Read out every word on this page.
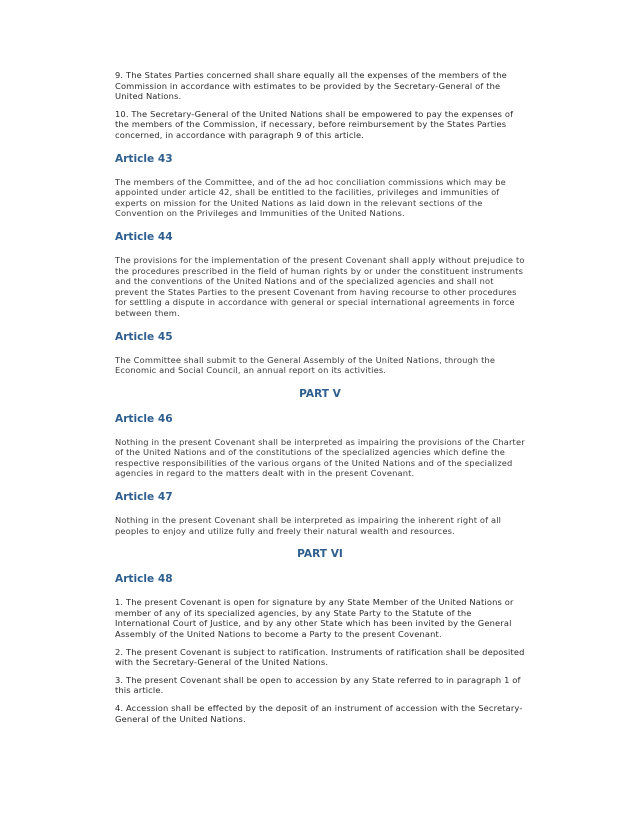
9. The States Parties concerned shall share equally all the expenses of the members of the Commission in accordance with estimates to be provided by the Secretary-General of the United Nations.

10. The Secretary-General of the United Nations shall be empowered to pay the expenses of the members of the Commission, if necessary, before reimbursement by the States Parties concerned, in accordance with paragraph 9 of this article.

Article 43

The members of the Committee, and of the ad hoc conciliation commissions which may be appointed under article 42, shall be entitled to the facilities, privileges and immunities of experts on mission for the United Nations as laid down in the relevant sections of the Convention on the Privileges and Immunities of the United Nations.

Article 44

The provisions for the implementation of the present Covenant shall apply without prejudice to the procedures prescribed in the field of human rights by or under the constituent instruments and the conventions of the United Nations and of the specialized agencies and shall not prevent the States Parties to the present Covenant from having recourse to other procedures for settling a dispute in accordance with general or special international agreements in force between them.

Article 45

The Committee shall submit to the General Assembly of the United Nations, through the Economic and Social Council, an annual report on its activities.

PART V
Article 46

Nothing in the present Covenant shall be interpreted as impairing the provisions of the Charter of the United Nations and of the constitutions of the specialized agencies which define the respective responsibilities of the various organs of the United Nations and of the specialized agencies in regard to the matters dealt with in the present Covenant.

Article 47

Nothing in the present Covenant shall be interpreted as impairing the inherent right of all peoples to enjoy and utilize fully and freely their natural wealth and resources.

PART VI
Article 48

1. The present Covenant is open for signature by any State Member of the United Nations or member of any of its specialized agencies, by any State Party to the Statute of the International Court of Justice, and by any other State which has been invited by the General Assembly of the United Nations to become a Party to the present Covenant.

2. The present Covenant is subject to ratification. Instruments of ratification shall be deposited with the Secretary-General of the United Nations.

3. The present Covenant shall be open to accession by any State referred to in paragraph 1 of this article.

4. Accession shall be effected by the deposit of an instrument of accession with the Secretary-General of the United Nations.
